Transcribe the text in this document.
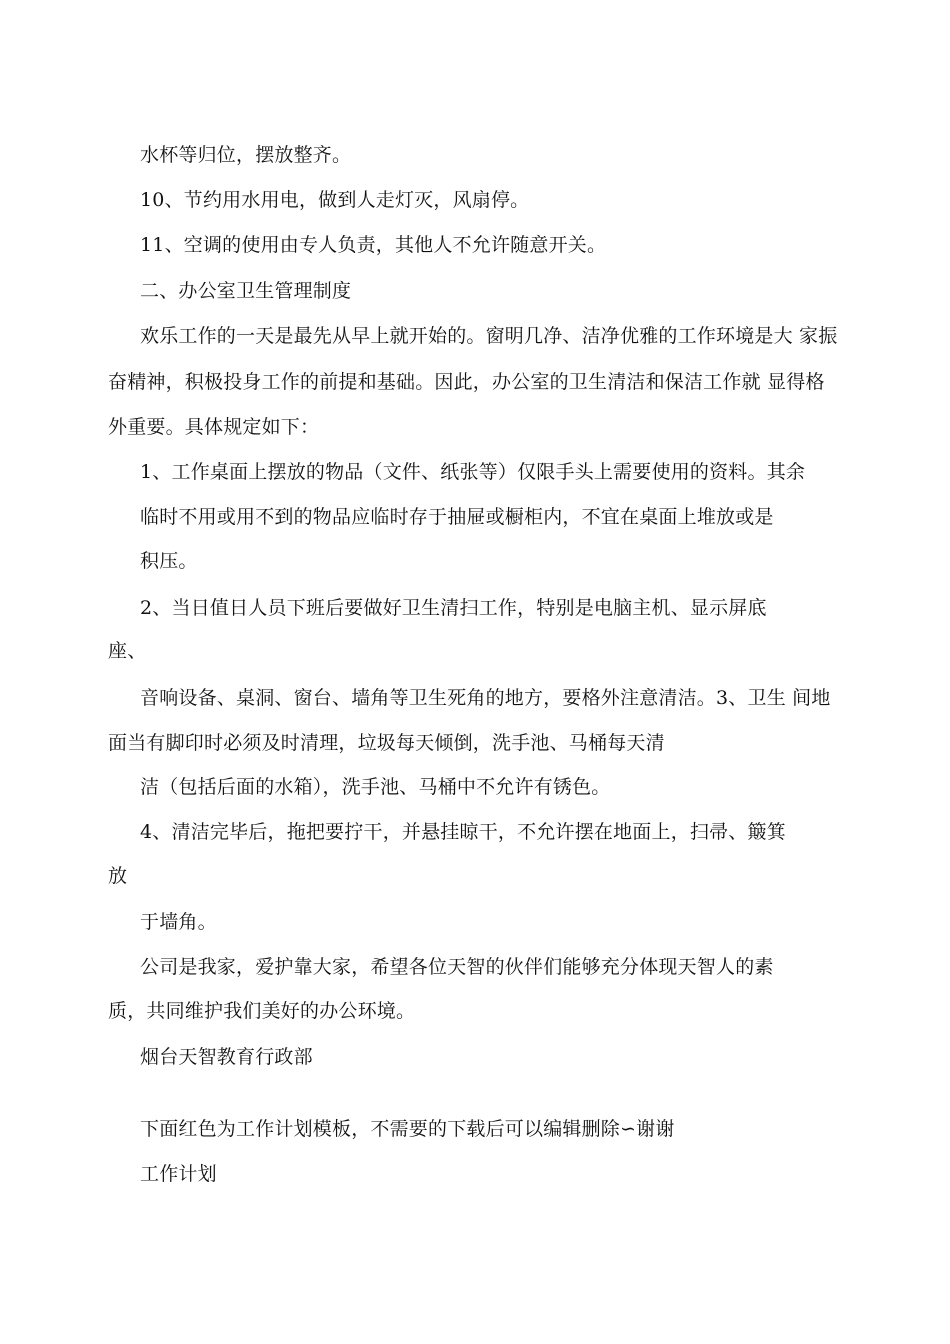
水杯等归位，摆放整齐。
10、节约用水用电，做到人走灯灭，风扇停。
11、空调的使用由专人负责，其他人不允许随意开关。
二、办公室卫生管理制度
欢乐工作的一天是最先从早上就开始的。窗明几净、洁净优雅的工作环境是大 家振
奋精神，积极投身工作的前提和基础。因此，办公室的卫生清洁和保洁工作就 显得格
外重要。具体规定如下：
1、工作桌面上摆放的物品（文件、纸张等）仅限手头上需要使用的资料。其余
临时不用或用不到的物品应临时存于抽屉或橱柜内，不宜在桌面上堆放或是
积压。
2、当日值日人员下班后要做好卫生清扫工作，特别是电脑主机、显示屏底
座、
音响设备、桌洞、窗台、墙角等卫生死角的地方，要格外注意清洁。3、卫生 间地
面当有脚印时必须及时清理，垃圾每天倾倒，洗手池、马桶每天清
洁（包括后面的水箱），洗手池、马桶中不允许有锈色。
4、清洁完毕后，拖把要拧干，并悬挂晾干，不允许摆在地面上，扫帚、簸箕
放
于墙角。
公司是我家，爱护靠大家，希望各位天智的伙伴们能够充分体现天智人的素
质，共同维护我们美好的办公环境。
烟台天智教育行政部
下面红色为工作计划模板，不需要的下载后可以编辑删除∽谢谢
工作计划
